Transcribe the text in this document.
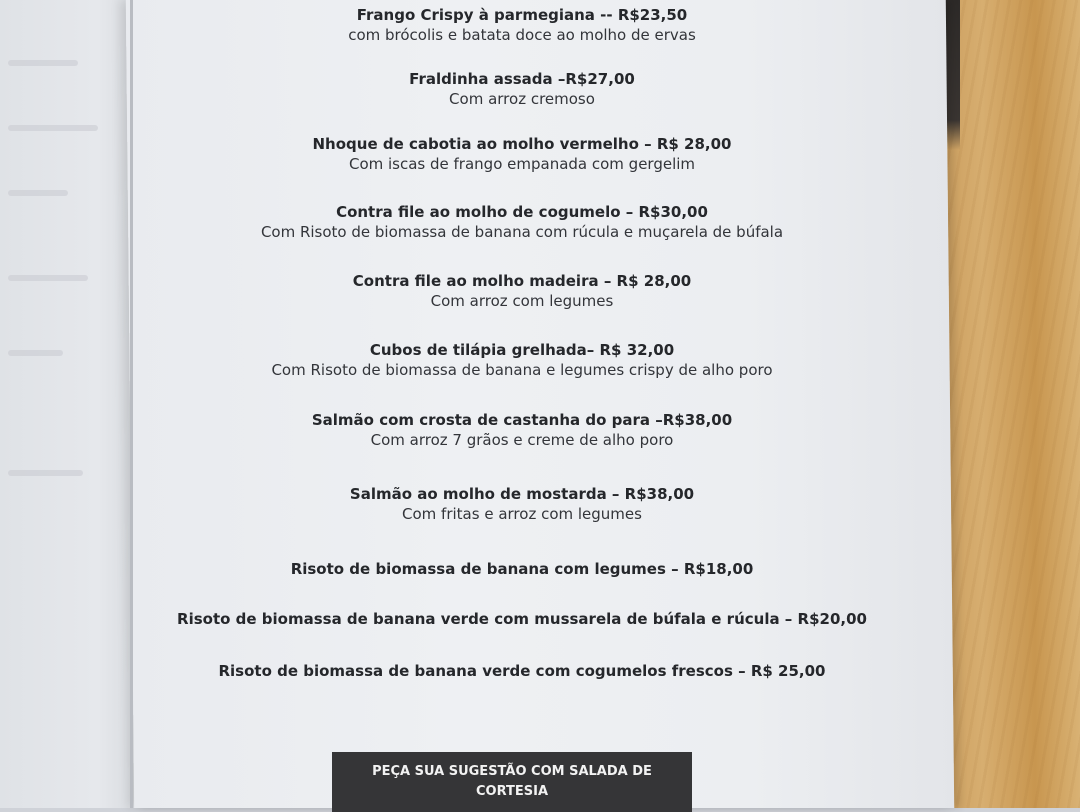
Frango Crispy à parmegiana -- R$23,50
com brócolis e batata doce ao molho de ervas
Fraldinha assada –R$27,00
Com arroz cremoso
Nhoque de cabotia ao molho vermelho – R$ 28,00
Com iscas de frango empanada com gergelim
Contra file ao molho de cogumelo – R$30,00
Com Risoto de biomassa de banana com rúcula e muçarela de búfala
Contra file ao molho madeira – R$ 28,00
Com arroz com legumes
Cubos de tilápia grelhada– R$ 32,00
Com Risoto de biomassa de banana e legumes crispy de alho poro
Salmão com crosta de castanha do para –R$38,00
Com arroz 7 grãos e creme de alho poro
Salmão ao molho de mostarda – R$38,00
Com fritas e arroz com legumes
Risoto de biomassa de banana com legumes – R$18,00
Risoto de biomassa de banana verde com mussarela de búfala e rúcula – R$20,00
Risoto de biomassa de banana verde com cogumelos frescos – R$ 25,00
PEÇA SUA SUGESTÃO COM SALADA DE
CORTESIA
